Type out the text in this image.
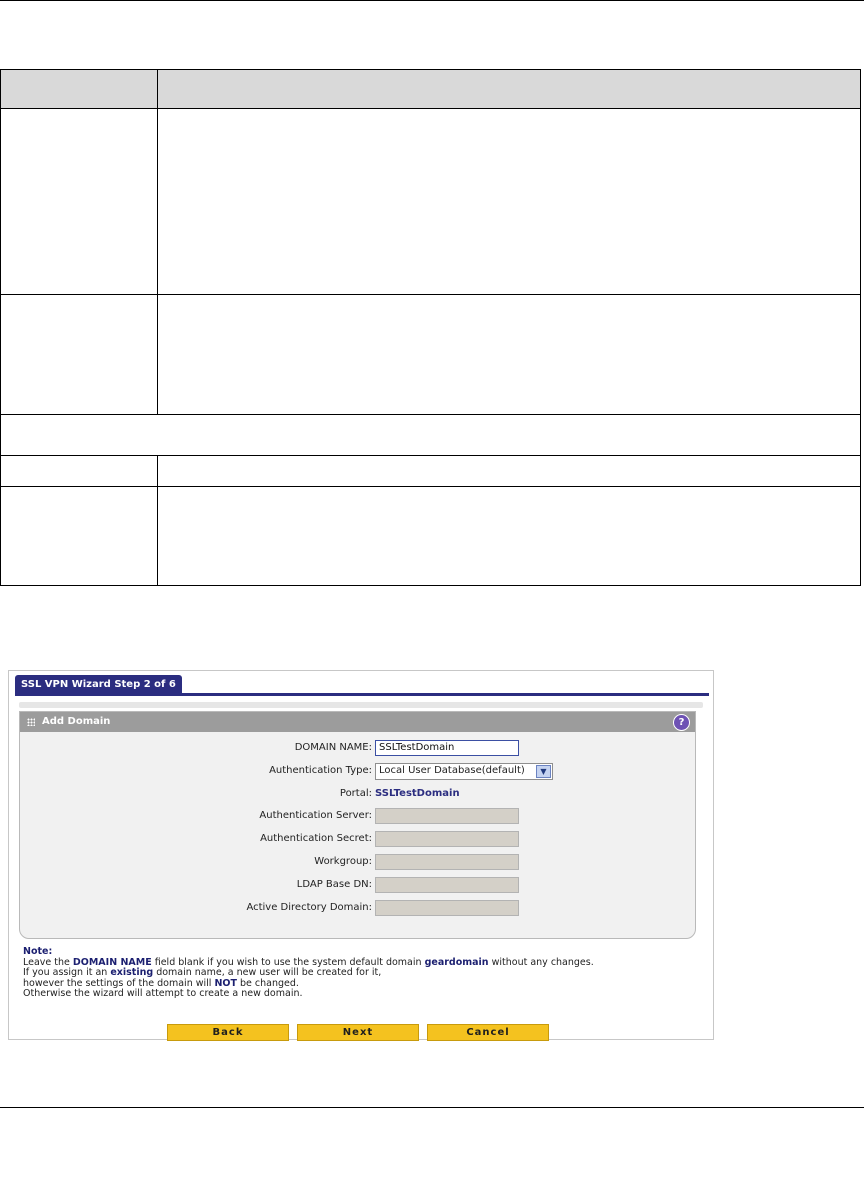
SSL VPN Wizard Step 2 of 6
Add Domain	?
DOMAIN NAME: SSLTestDomain
Authentication Type: Local User Database(default)	▼
Portal: SSLTestDomain
Authentication Server:
Authentication Secret:
Workgroup:
LDAP Base DN:
Active Directory Domain:
Note:
Leave the DOMAIN NAME field blank if you wish to use the system default domain geardomain without any changes.
If you assign it an existing domain name, a new user will be created for it,
however the settings of the domain will NOT be changed.
Otherwise the wizard will attempt to create a new domain.
Back	Next	Cancel
